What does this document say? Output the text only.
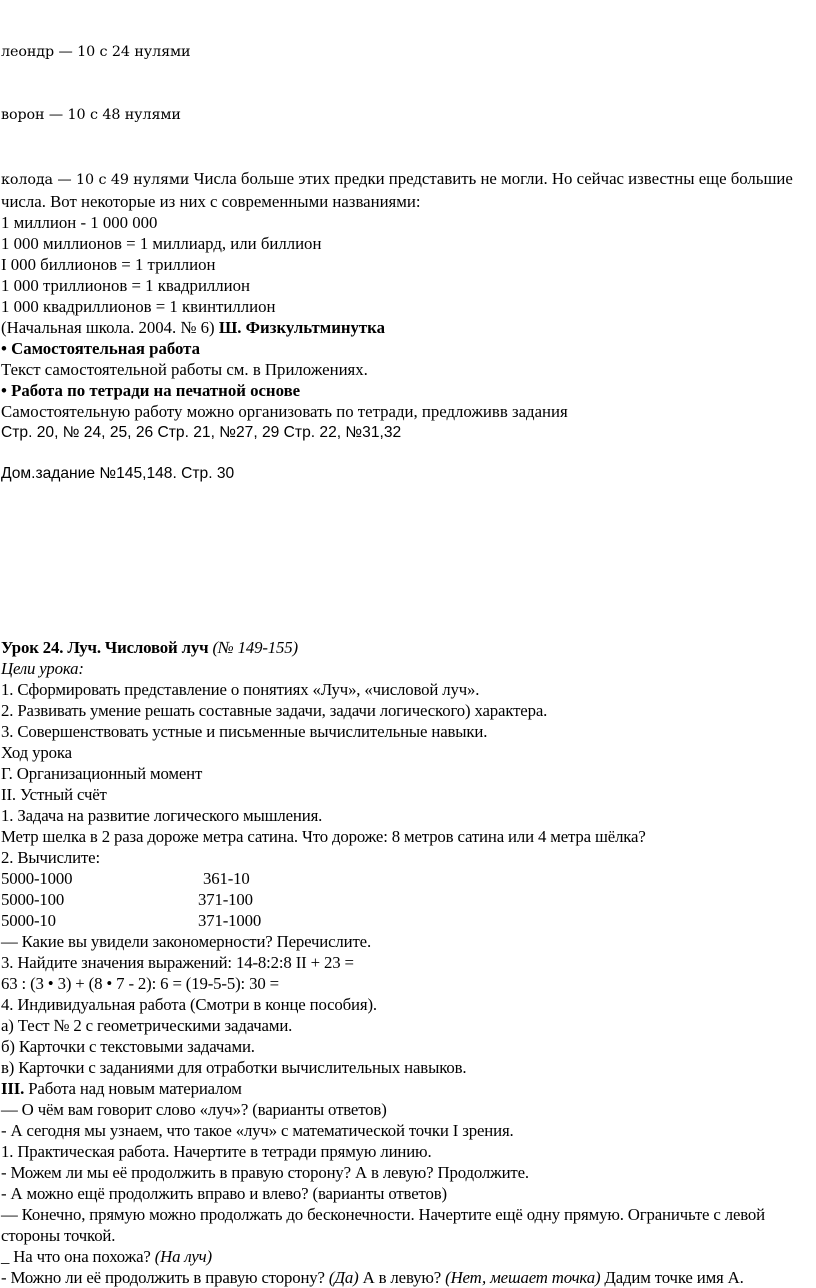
леондр — 10 с 24 нулями

ворон — 10 с 48 нулями

колода — 10 с 49 нулями Числа больше этих предки представить не могли. Но сейчас известны еще большие числа. Вот некоторые из них с современными названиями:
1 миллион - 1 000 000
1 000 миллионов = 1 миллиард, или биллион
I 000 биллионов = 1 триллион
1 000 триллионов = 1 квадриллион
1 000 квадриллионов = 1 квинтиллион
(Начальная школа. 2004. № 6) Ш. Физкультминутка
• Самостоятельная работа
Текст самостоятельной работы см. в Приложениях.
• Работа по тетради на печатной основе
Самостоятельную работу можно организовать по тетради, предложивв задания
Стр. 20, № 24, 25, 26 Стр. 21, №27, 29 Стр. 22, №31,32
Дом.задание №145,148. Стр. 30
Урок 24. Луч. Числовой луч (№ 149-155)
Цели урока:
1. Сформировать представление о понятиях «Луч», «числовой луч».
2. Развивать умение решать составные задачи, задачи логического) характера.
3. Совершенствовать устные и письменные вычислительные навыки.
Ход урока
Г. Организационный момент
II. Устный счёт
1. Задача на развитие логического мышления.
Метр шелка в 2 раза дороже метра сатина. Что дороже: 8 метров сатина или 4 метра шёлка?
2. Вычислите:
5000-1000	361-10
5000-100	371-100
5000-10	371-1000
— Какие вы увидели закономерности? Перечислите.
3. Найдите значения выражений: 14-8:2:8 II + 23 =
63 : (3 • 3) + (8 • 7 - 2): 6 = (19-5-5): 30 =
4. Индивидуальная работа (Смотри в конце пособия).
а) Тест № 2 с геометрическими задачами.
б) Карточки с текстовыми задачами.
в) Карточки с заданиями для отработки вычислительных навыков.
III. Работа над новым материалом
— О чём вам говорит слово «луч»? (варианты ответов)
- А сегодня мы узнаем, что такое «луч» с математической точки I зрения.
1. Практическая работа. Начертите в тетради прямую линию.
- Можем ли мы её продолжить в правую сторону? А в левую? Продолжите.
- А можно ещё продолжить вправо и влево? (варианты ответов)
— Конечно, прямую можно продолжать до бесконечности. Начертите ещё одну прямую. Ограничьте с левой стороны точкой.
_ На что она похожа? (На луч)
- Можно ли её продолжить в правую сторону? (Да) А в левую? (Нет, мешает точка) Дадим точке имя А.
